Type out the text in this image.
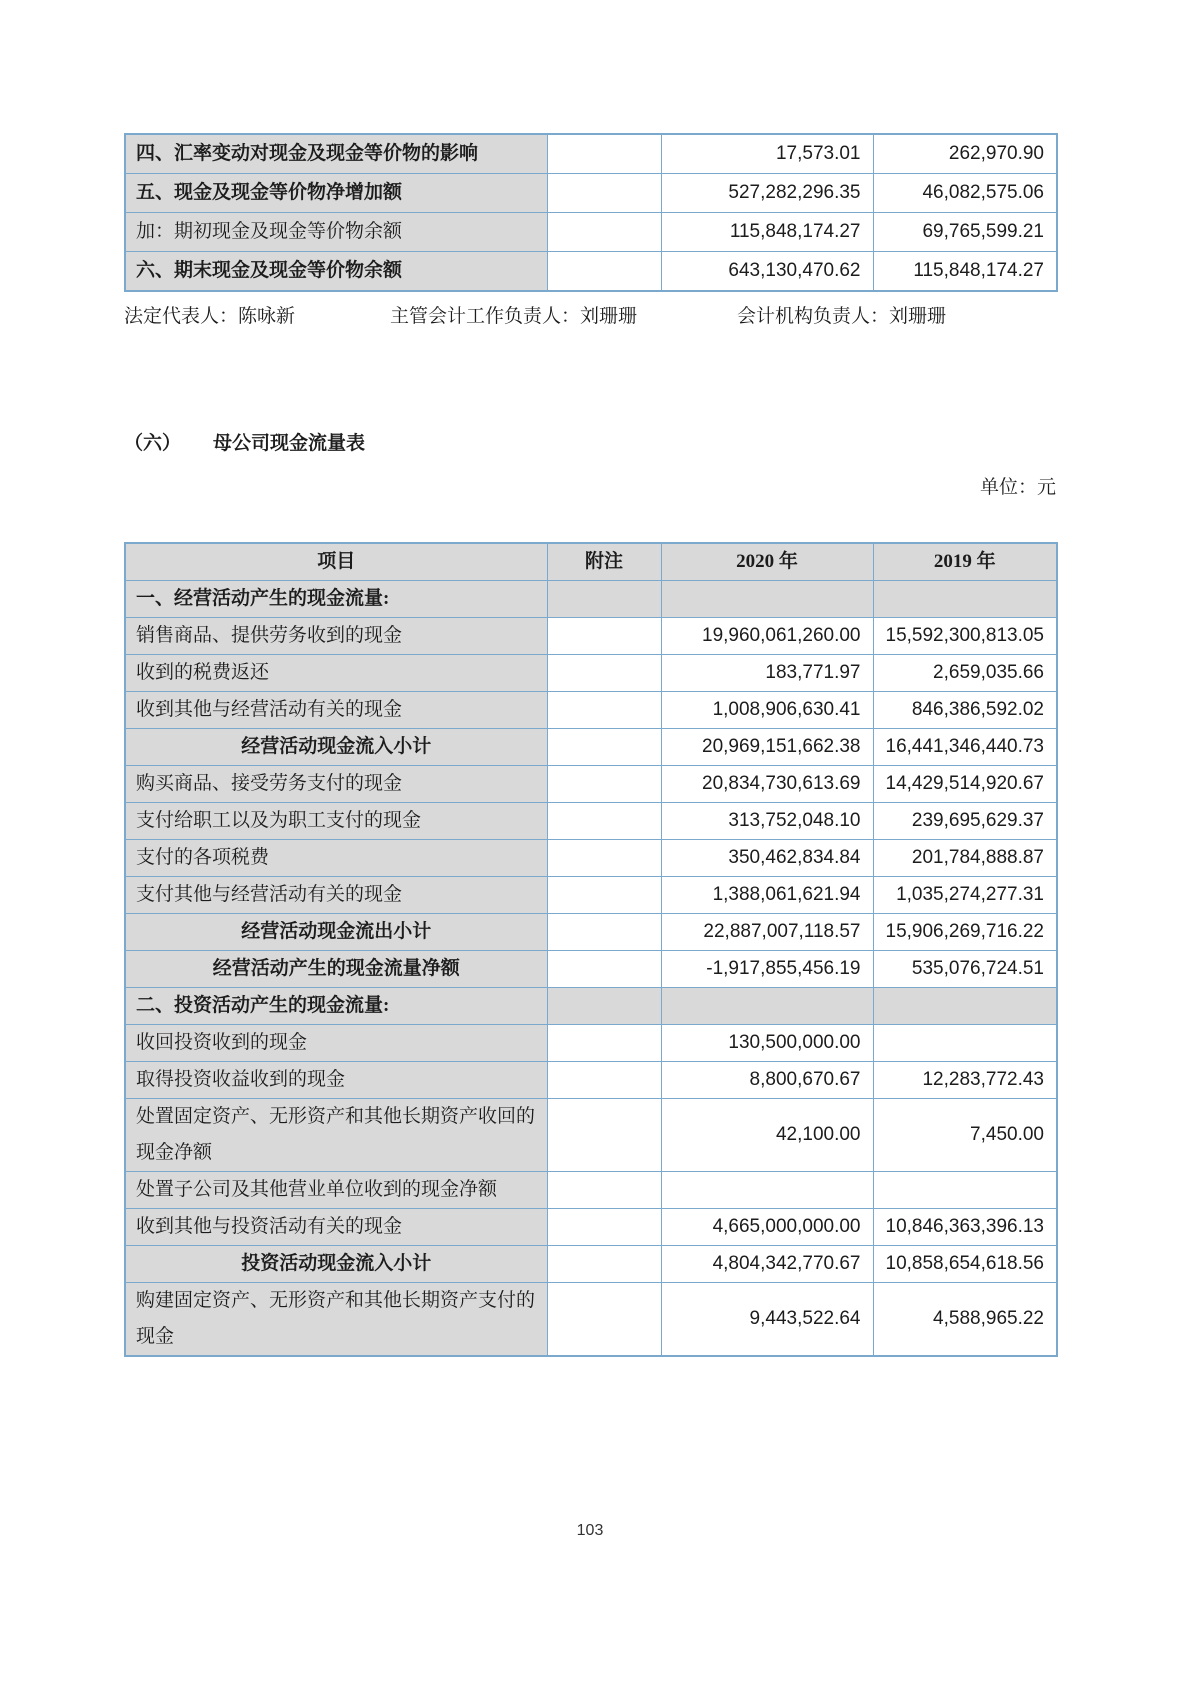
四、汇率变动对现金及现金等价物的影响		17,573.01	262,970.90
五、现金及现金等价物净增加额		527,282,296.35	46,082,575.06
加：期初现金及现金等价物余额		115,848,174.27	69,765,599.21
六、期末现金及现金等价物余额		643,130,470.62	115,848,174.27
法定代表人：陈咏新	主管会计工作负责人：刘珊珊	会计机构负责人：刘珊珊
（六） 母公司现金流量表
单位：元
项目	附注	2020 年	2019 年
一、经营活动产生的现金流量:			
销售商品、提供劳务收到的现金		19,960,061,260.00	15,592,300,813.05
收到的税费返还		183,771.97	2,659,035.66
收到其他与经营活动有关的现金		1,008,906,630.41	846,386,592.02
经营活动现金流入小计		20,969,151,662.38	16,441,346,440.73
购买商品、接受劳务支付的现金		20,834,730,613.69	14,429,514,920.67
支付给职工以及为职工支付的现金		313,752,048.10	239,695,629.37
支付的各项税费		350,462,834.84	201,784,888.87
支付其他与经营活动有关的现金		1,388,061,621.94	1,035,274,277.31
经营活动现金流出小计		22,887,007,118.57	15,906,269,716.22
经营活动产生的现金流量净额		-1,917,855,456.19	535,076,724.51
二、投资活动产生的现金流量:			
收回投资收到的现金		130,500,000.00	
取得投资收益收到的现金		8,800,670.67	12,283,772.43
处置固定资产、无形资产和其他长期资产收回的现金净额		42,100.00	7,450.00
处置子公司及其他营业单位收到的现金净额			
收到其他与投资活动有关的现金		4,665,000,000.00	10,846,363,396.13
投资活动现金流入小计		4,804,342,770.67	10,858,654,618.56
购建固定资产、无形资产和其他长期资产支付的现金		9,443,522.64	4,588,965.22
103
